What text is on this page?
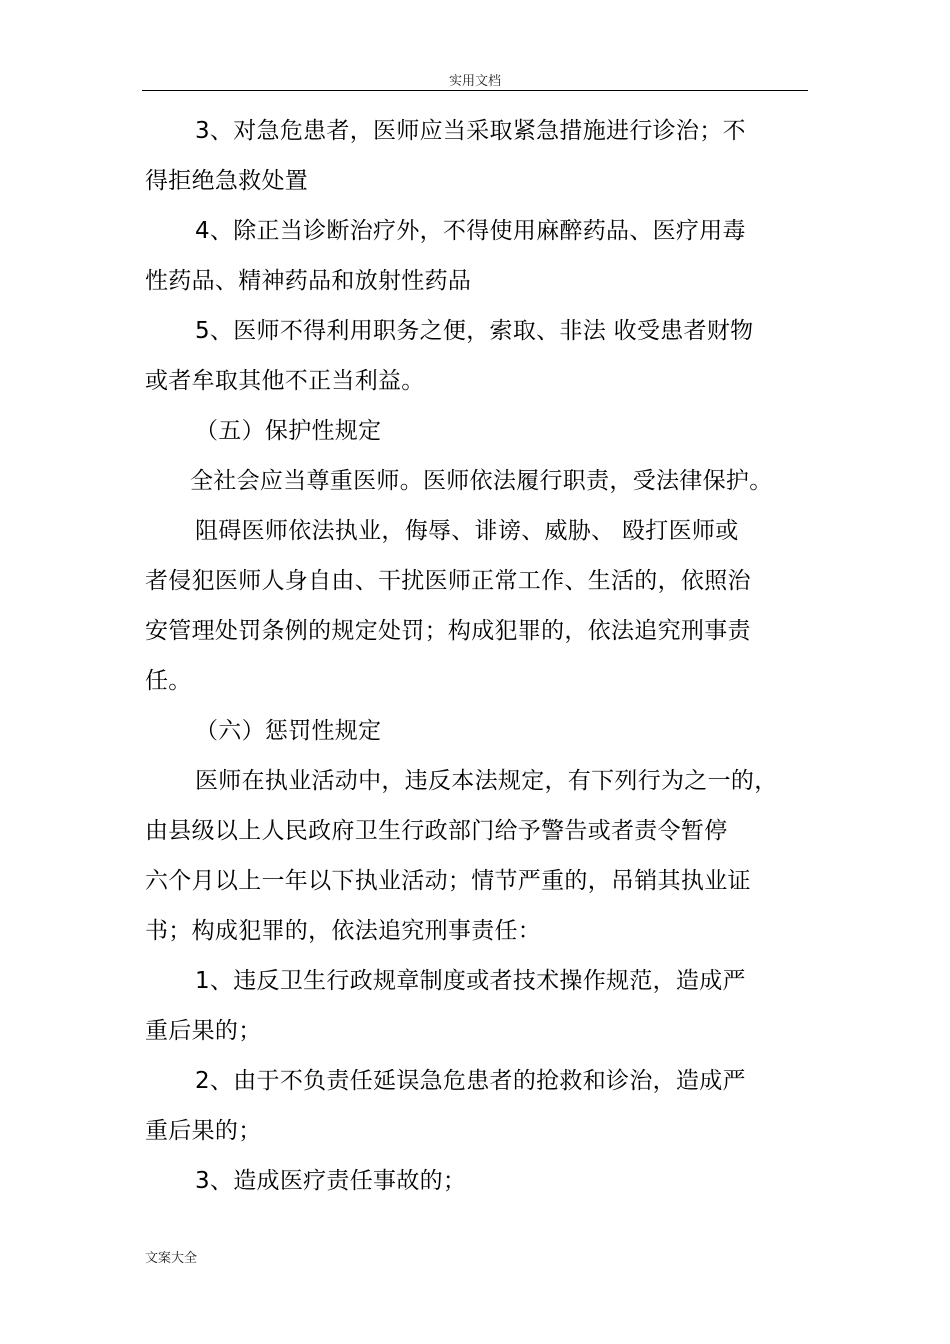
实用文档
3、对急危患者，医师应当采取紧急措施进行诊治；不
得拒绝急救处置
4、除正当诊断治疗外，不得使用麻醉药品、医疗用毒
性药品、精神药品和放射性药品
5、医师不得利用职务之便，索取、非法 收受患者财物
或者牟取其他不正当利益。
（五）保护性规定
全社会应当尊重医师。医师依法履行职责，受法律保护。
阻碍医师依法执业，侮辱、诽谤、威胁、 殴打医师或
者侵犯医师人身自由、干扰医师正常工作、生活的，依照治
安管理处罚条例的规定处罚；构成犯罪的，依法追究刑事责
任。
（六）惩罚性规定
医师在执业活动中，违反本法规定，有下列行为之一的，
由县级以上人民政府卫生行政部门给予警告或者责令暂停
六个月以上一年以下执业活动；情节严重的，吊销其执业证
书；构成犯罪的，依法追究刑事责任：
1、违反卫生行政规章制度或者技术操作规范，造成严
重后果的；
2、由于不负责任延误急危患者的抢救和诊治，造成严
重后果的；
3、造成医疗责任事故的；
文案大全
